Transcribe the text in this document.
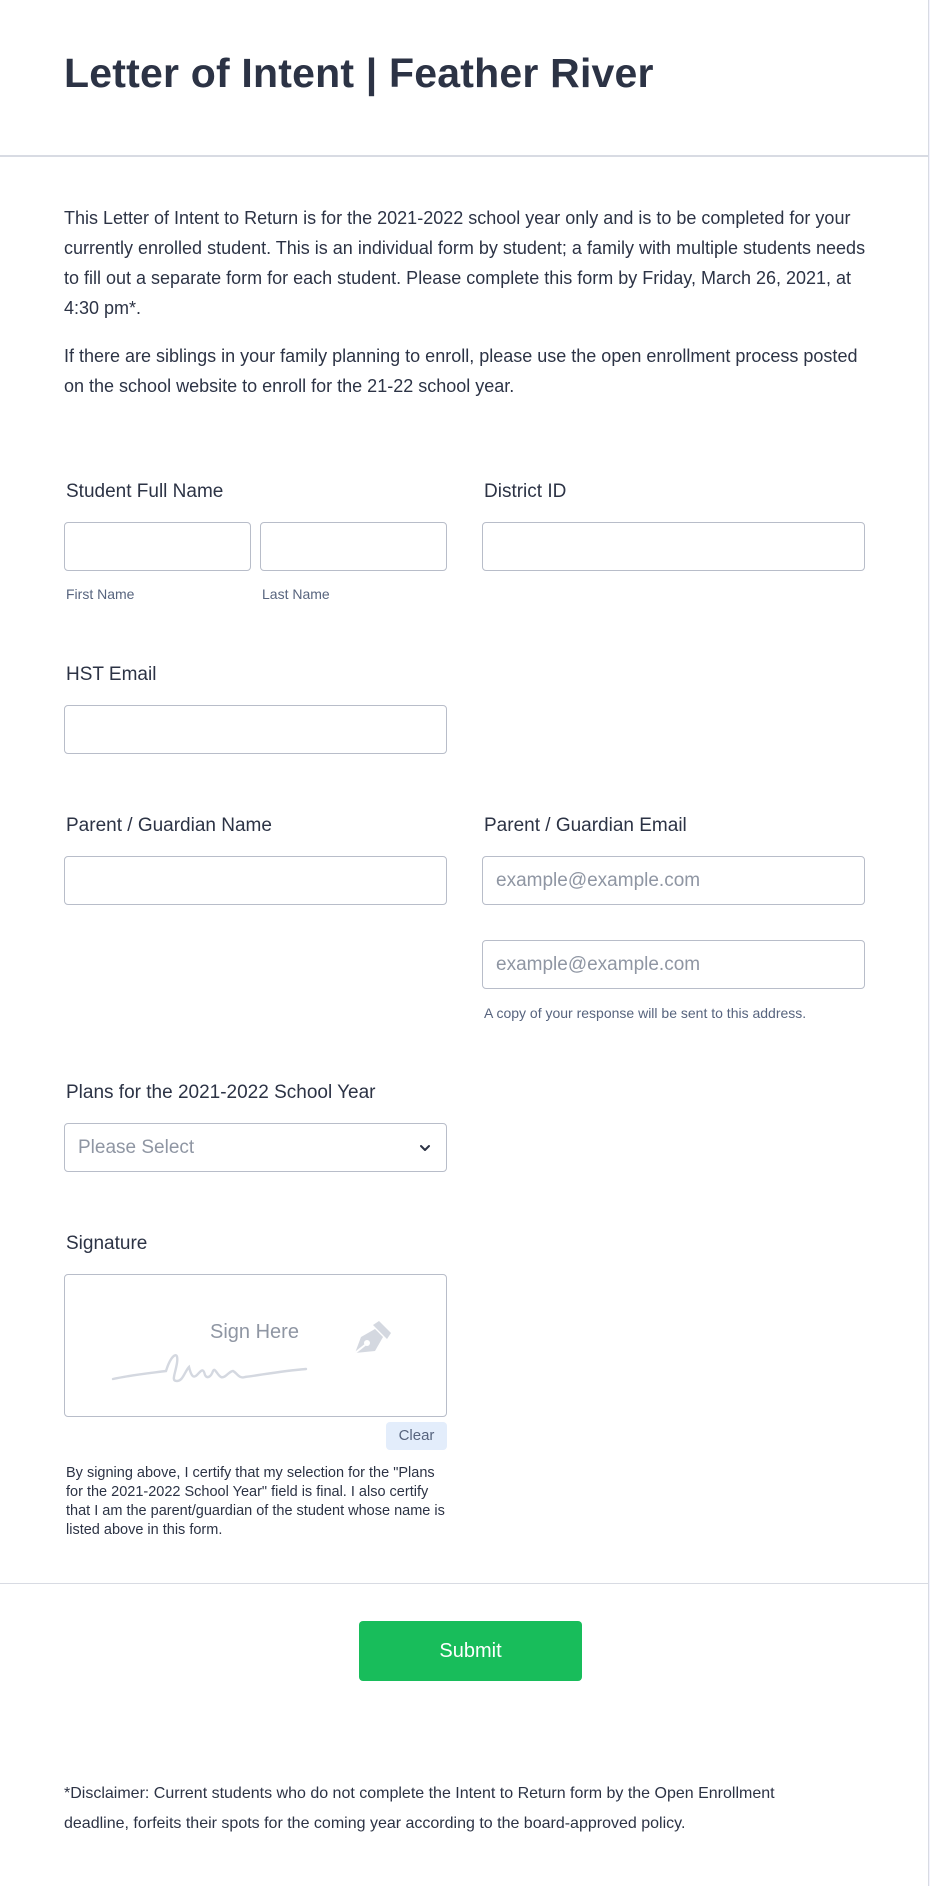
Letter of Intent | Feather River
This Letter of Intent to Return is for the 2021-2022 school year only and is to be completed for your currently enrolled student. This is an individual form by student; a family with multiple students needs to fill out a separate form for each student. Please complete this form by Friday, March 26, 2021, at 4:30 pm*.
If there are siblings in your family planning to enroll, please use the open enrollment process posted on the school website to enroll for the 21-22 school year.
Student Full Name
First Name	Last Name
District ID
HST Email
Parent / Guardian Name	Parent / Guardian Email
example@example.com
example@example.com
A copy of your response will be sent to this address.
Plans for the 2021-2022 School Year
Please Select
Signature
Sign Here
Clear
By signing above, I certify that my selection for the "Plans for the 2021-2022 School Year" field is final. I also certify that I am the parent/guardian of the student whose name is listed above in this form.
Submit
*Disclaimer: Current students who do not complete the Intent to Return form by the Open Enrollment deadline, forfeits their spots for the coming year according to the board-approved policy.
